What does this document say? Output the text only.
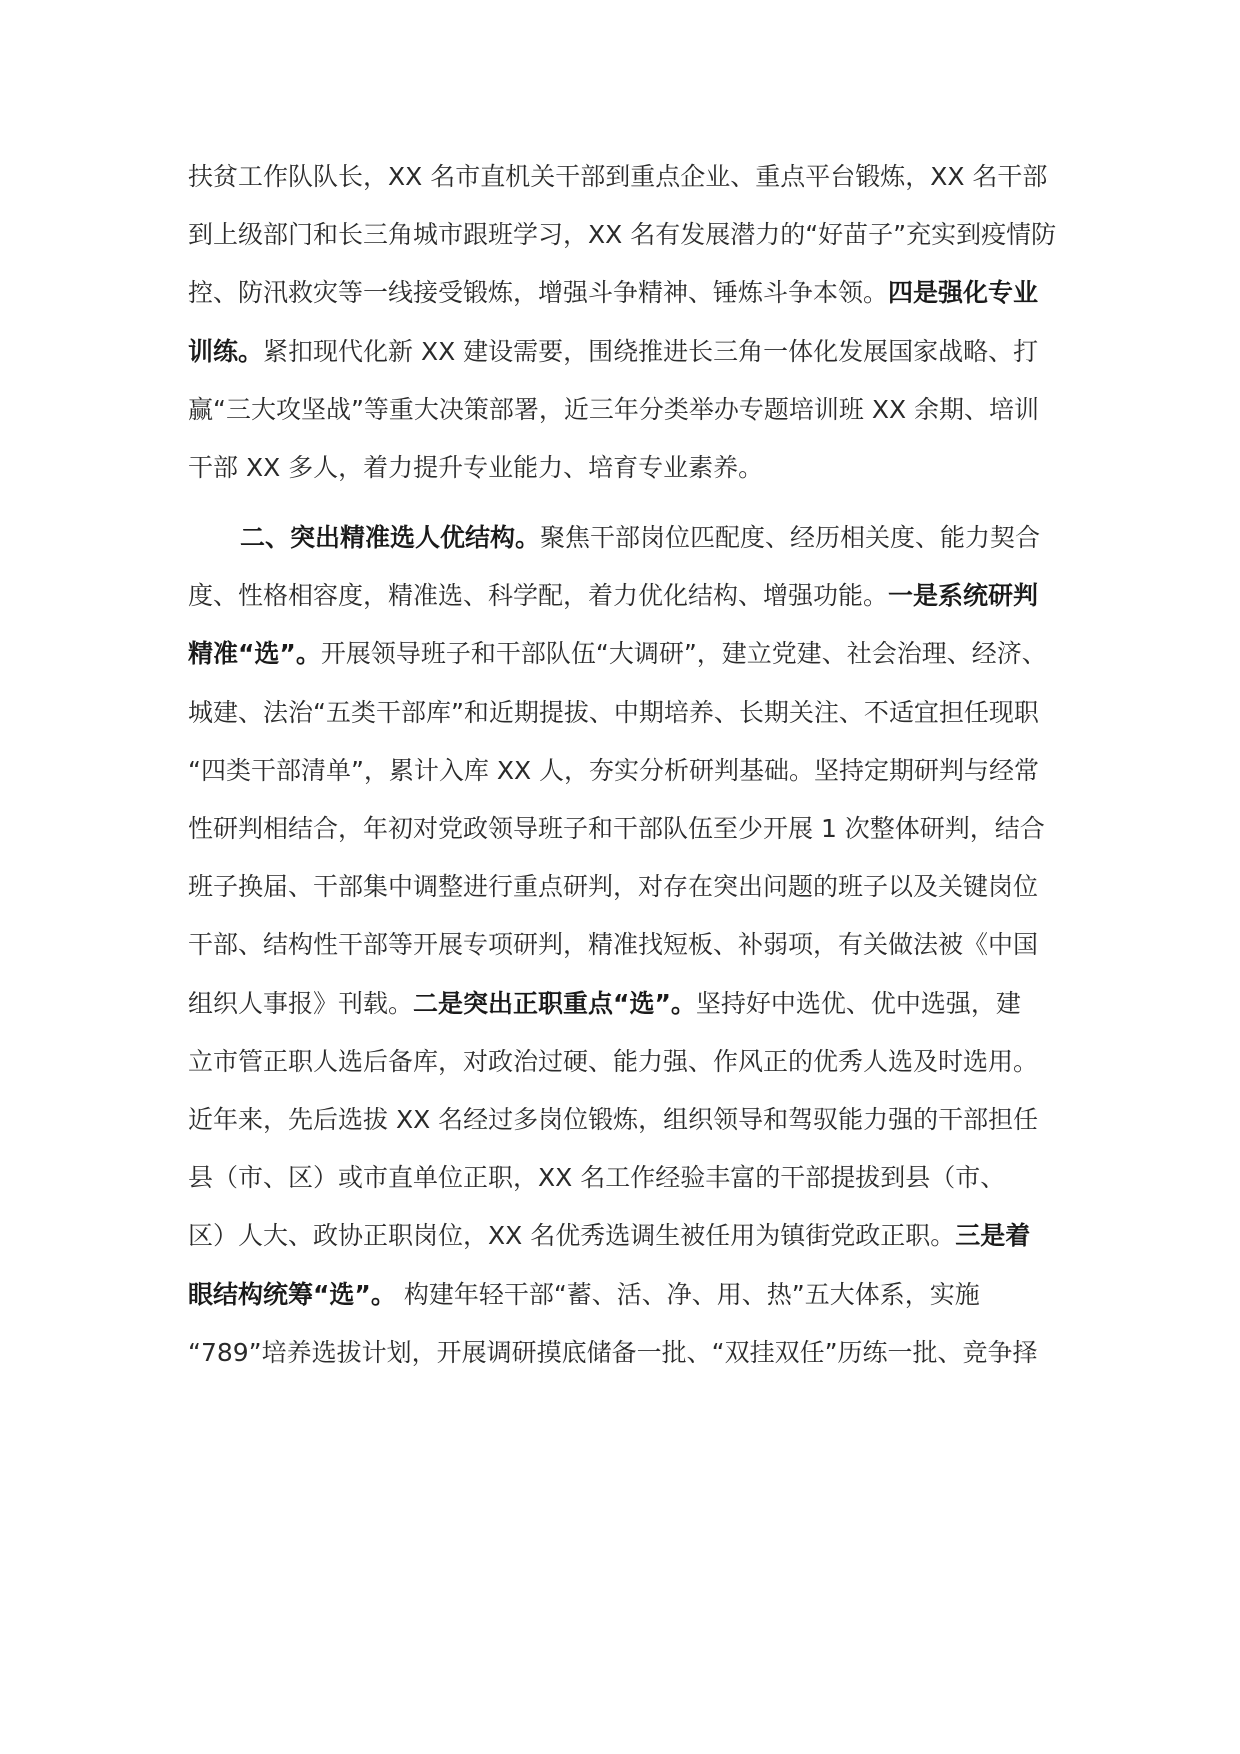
扶贫工作队队长，XX 名市直机关干部到重点企业、重点平台锻炼，XX 名干部
到上级部门和长三角城市跟班学习，XX 名有发展潜力的“好苗子”充实到疫情防
控、防汛救灾等一线接受锻炼，增强斗争精神、锤炼斗争本领。四是强化专业
训练。紧扣现代化新 XX 建设需要，围绕推进长三角一体化发展国家战略、打
赢“三大攻坚战”等重大决策部署，近三年分类举办专题培训班 XX 余期、培训
干部 XX 多人，着力提升专业能力、培育专业素养。
二、突出精准选人优结构。聚焦干部岗位匹配度、经历相关度、能力契合
度、性格相容度，精准选、科学配，着力优化结构、增强功能。一是系统研判
精准“选”。开展领导班子和干部队伍“大调研”，建立党建、社会治理、经济、
城建、法治“五类干部库”和近期提拔、中期培养、长期关注、不适宜担任现职
“四类干部清单”，累计入库 XX 人，夯实分析研判基础。坚持定期研判与经常
性研判相结合，年初对党政领导班子和干部队伍至少开展 1 次整体研判，结合
班子换届、干部集中调整进行重点研判，对存在突出问题的班子以及关键岗位
干部、结构性干部等开展专项研判，精准找短板、补弱项，有关做法被《中国
组织人事报》刊载。二是突出正职重点“选”。坚持好中选优、优中选强，建
立市管正职人选后备库，对政治过硬、能力强、作风正的优秀人选及时选用。
近年来，先后选拔 XX 名经过多岗位锻炼，组织领导和驾驭能力强的干部担任
县（市、区）或市直单位正职，XX 名工作经验丰富的干部提拔到县（市、
区）人大、政协正职岗位，XX 名优秀选调生被任用为镇街党政正职。三是着
眼结构统筹“选”。 构建年轻干部“蓄、活、净、用、热”五大体系，实施
“789”培养选拔计划，开展调研摸底储备一批、“双挂双任”历练一批、竞争择
